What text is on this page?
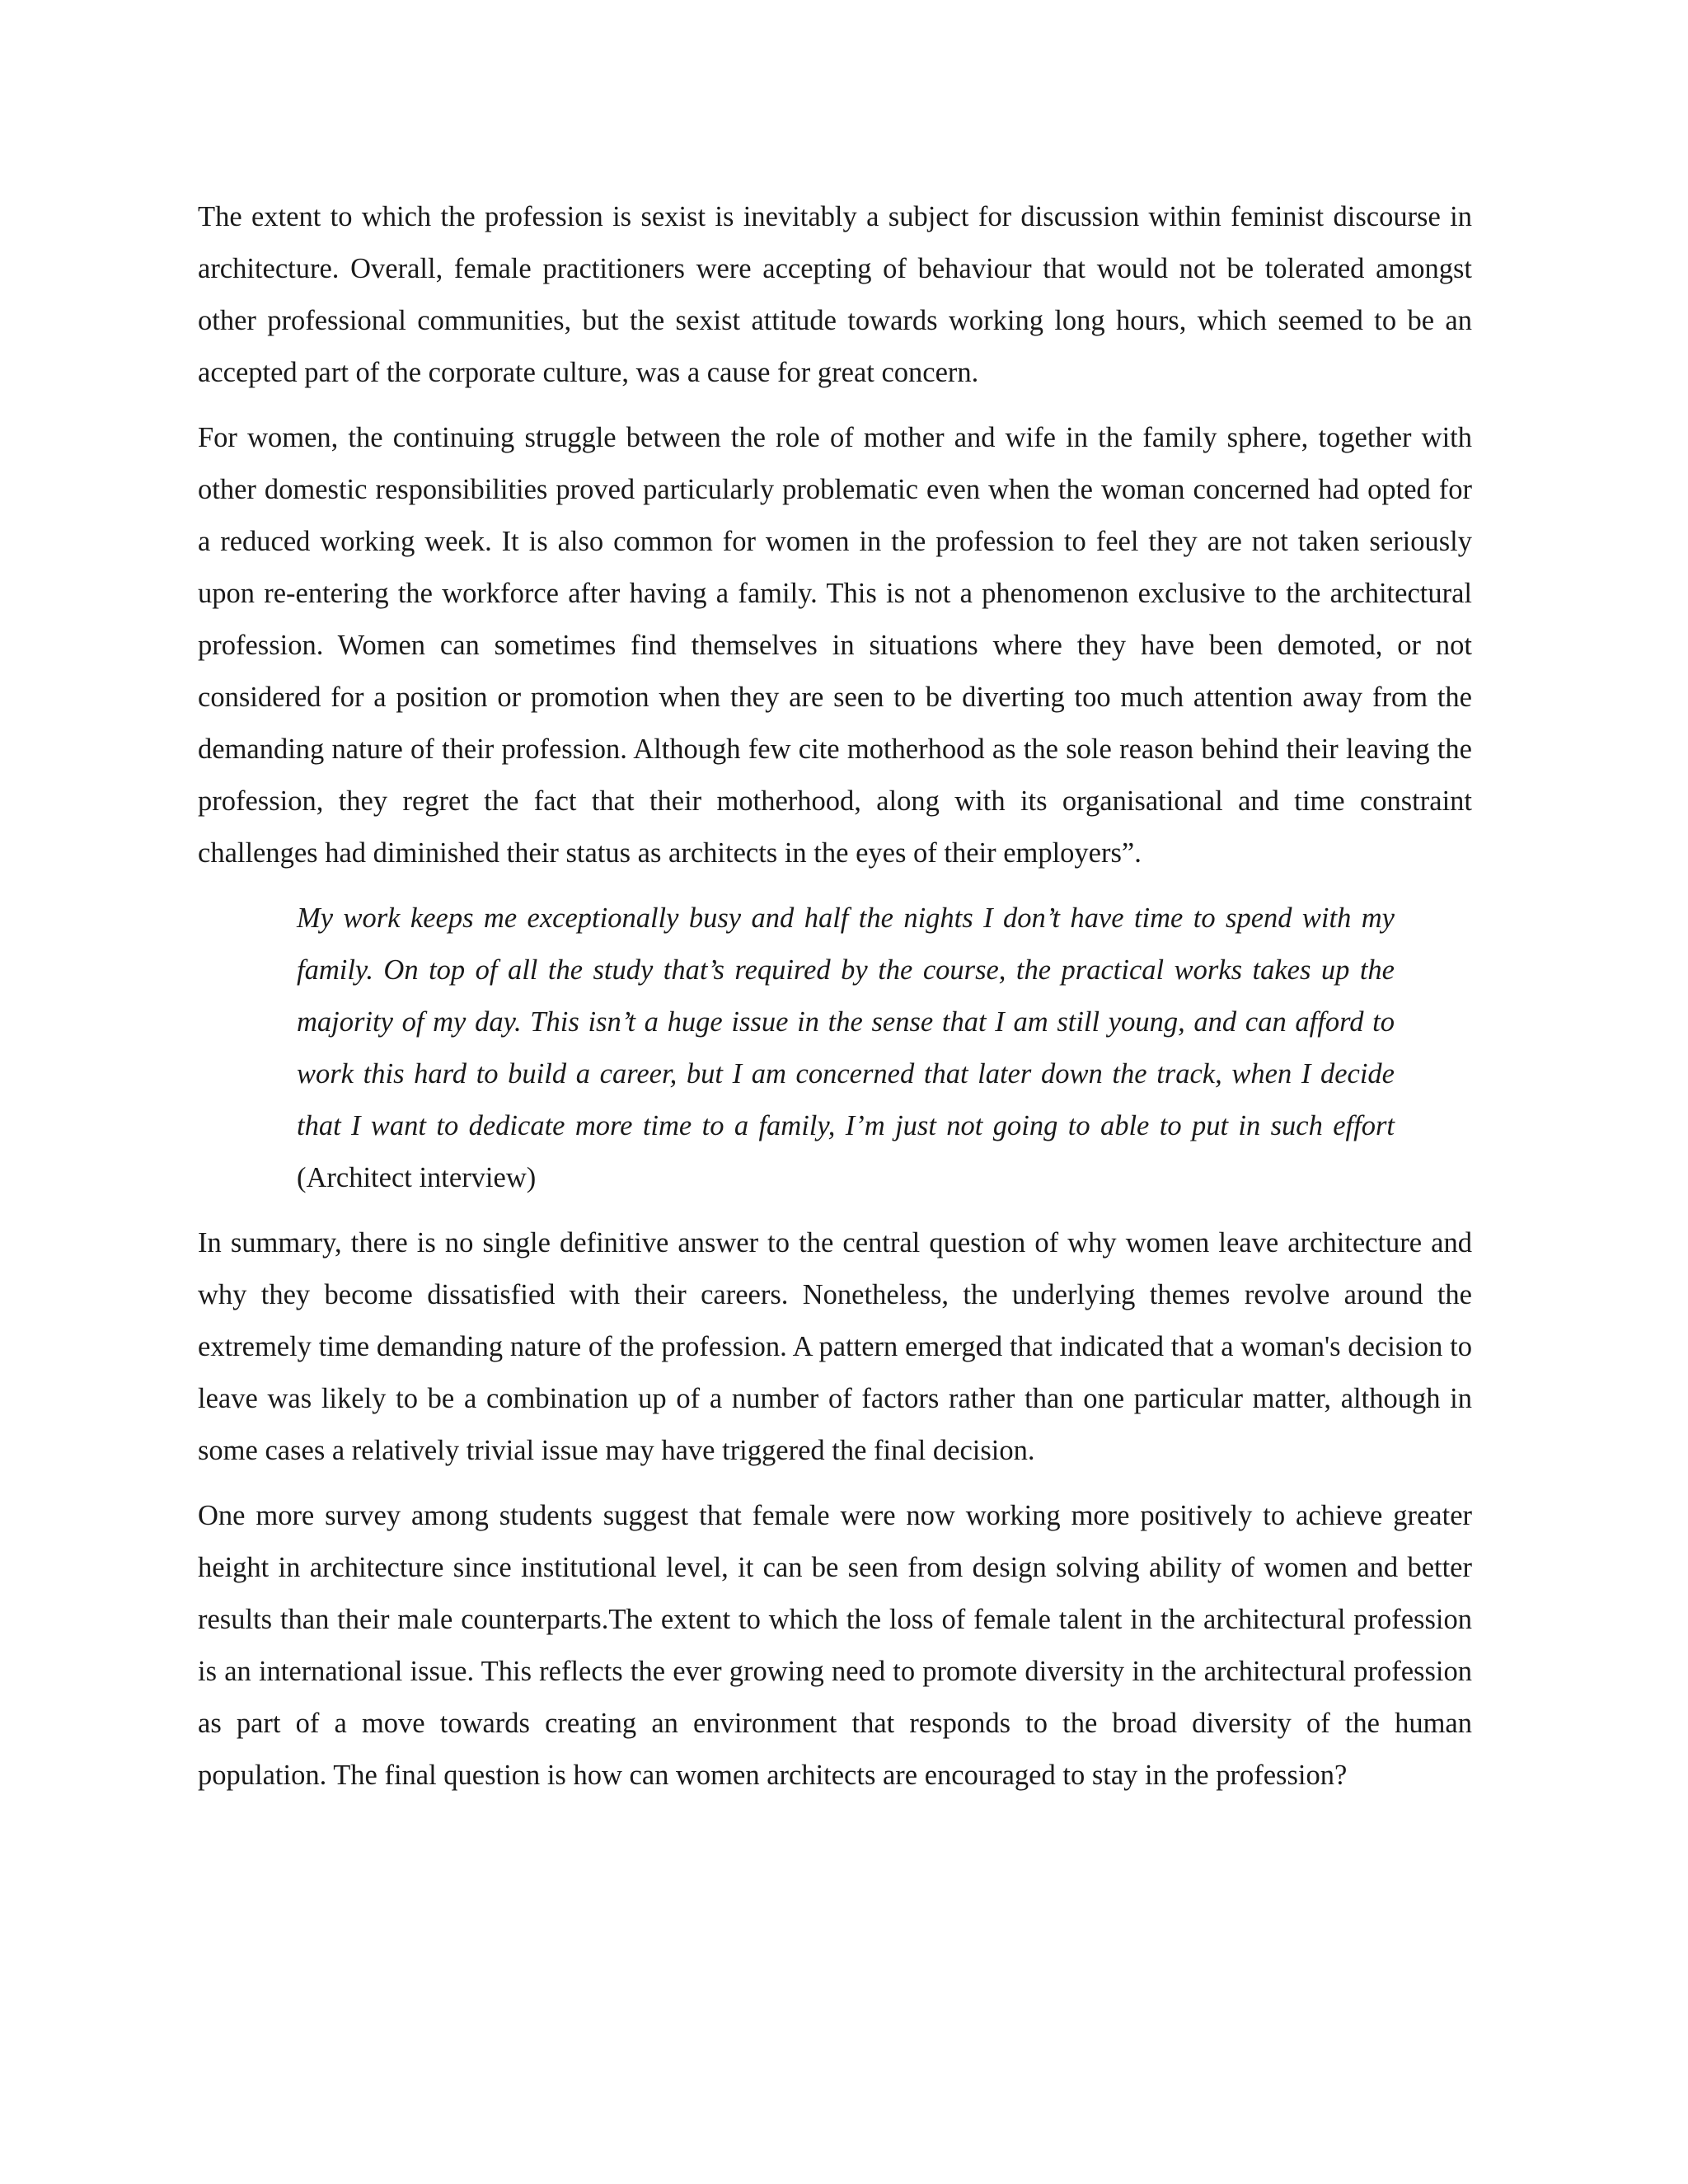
The extent to which the profession is sexist is inevitably a subject for discussion within feminist discourse in architecture. Overall, female practitioners were accepting of behaviour that would not be tolerated amongst other professional communities, but the sexist attitude towards working long hours, which seemed to be an accepted part of the corporate culture, was a cause for great concern.

For women, the continuing struggle between the role of mother and wife in the family sphere, together with other domestic responsibilities proved particularly problematic even when the woman concerned had opted for a reduced working week. It is also common for women in the profession to feel they are not taken seriously upon re-entering the workforce after having a family. This is not a phenomenon exclusive to the architectural profession. Women can sometimes find themselves in situations where they have been demoted, or not considered for a position or promotion when they are seen to be diverting too much attention away from the demanding nature of their profession. Although few cite motherhood as the sole reason behind their leaving the profession, they regret the fact that their motherhood, along with its organisational and time constraint challenges had diminished their status as architects in the eyes of their employers”.

My work keeps me exceptionally busy and half the nights I don’t have time to spend with my family. On top of all the study that’s required by the course, the practical works takes up the majority of my day. This isn’t a huge issue in the sense that I am still young, and can afford to work this hard to build a career, but I am concerned that later down the track, when I decide that I want to dedicate more time to a family, I’m just not going to able to put in such effort (Architect interview)

In summary, there is no single definitive answer to the central question of why women leave architecture and why they become dissatisfied with their careers. Nonetheless, the underlying themes revolve around the extremely time demanding nature of the profession. A pattern emerged that indicated that a woman's decision to leave was likely to be a combination up of a number of factors rather than one particular matter, although in some cases a relatively trivial issue may have triggered the final decision.

One more survey among students suggest that female were now working more positively to achieve greater height in architecture since institutional level, it can be seen from design solving ability of women and better results than their male counterparts.The extent to which the loss of female talent in the architectural profession is an international issue. This reflects the ever growing need to promote diversity in the architectural profession as part of a move towards creating an environment that responds to the broad diversity of the human population. The final question is how can women architects are encouraged to stay in the profession?
